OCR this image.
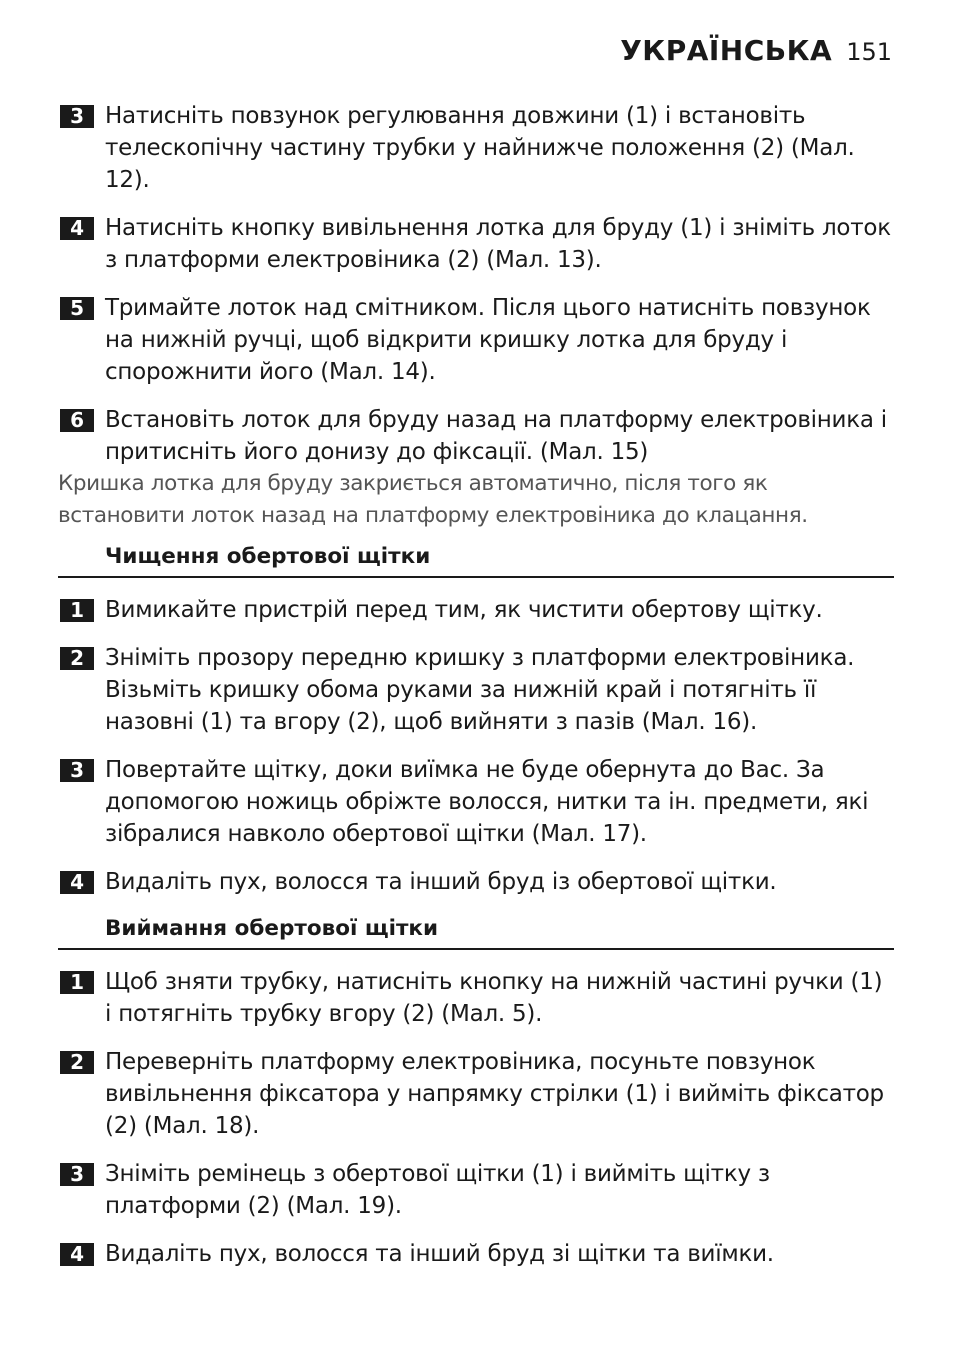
УКРАЇНСЬКА 151
3 Натисніть повзунок регулювання довжини (1) і встановіть телескопічну частину трубки у найнижче положення (2) (Мал. 12).
4 Натисніть кнопку вивільнення лотка для бруду (1) і зніміть лоток з платформи електровіника (2) (Мал. 13).
5 Тримайте лоток над смітником. Після цього натисніть повзунок на нижній ручці, щоб відкрити кришку лотка для бруду і спорожнити його (Мал. 14).
6 Встановіть лоток для бруду назад на платформу електровіника і притисніть його донизу до фіксації. (Мал. 15)
Кришка лотка для бруду закриється автоматично, після того як встановити лоток назад на платформу електровіника до клацання.
Чищення обертової щітки
1 Вимикайте пристрій перед тим, як чистити обертову щітку.
2 Зніміть прозору передню кришку з платформи електровіника. Візьміть кришку обома руками за нижній край і потягніть її назовні (1) та вгору (2), щоб вийняти з пазів (Мал. 16).
3 Повертайте щітку, доки виїмка не буде обернута до Вас. За допомогою ножиць обріжте волосся, нитки та ін. предмети, які зібралися навколо обертової щітки (Мал. 17).
4 Видаліть пух, волосся та інший бруд із обертової щітки.
Виймання обертової щітки
1 Щоб зняти трубку, натисніть кнопку на нижній частині ручки (1) і потягніть трубку вгору (2) (Мал. 5).
2 Переверніть платформу електровіника, посуньте повзунок вивільнення фіксатора у напрямку стрілки (1) і вийміть фіксатор (2) (Мал. 18).
3 Зніміть ремінець з обертової щітки (1) і вийміть щітку з платформи (2) (Мал. 19).
4 Видаліть пух, волосся та інший бруд зі щітки та виїмки.
